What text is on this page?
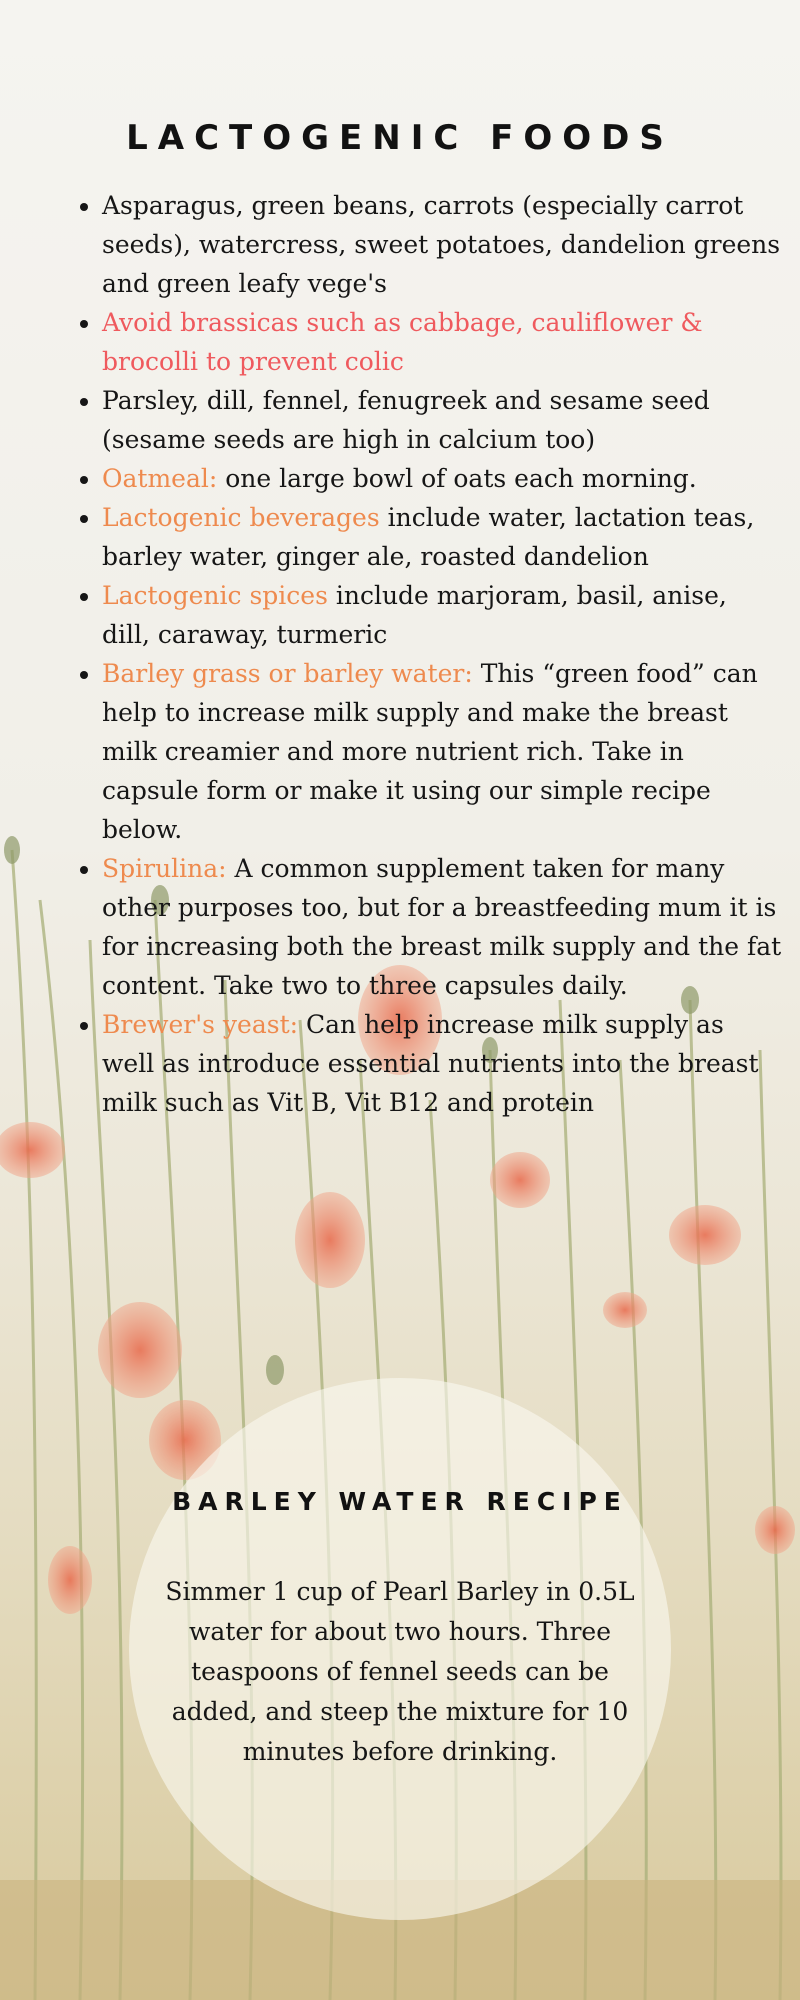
LACTOGENIC FOODS
• Asparagus, green beans, carrots (especially carrot seeds), watercress, sweet potatoes, dandelion greens and green leafy vege's
• Avoid brassicas such as cabbage, cauliflower & brocolli to prevent colic
• Parsley, dill, fennel, fenugreek and sesame seed (sesame seeds are high in calcium too)
• Oatmeal: one large bowl of oats each morning.
• Lactogenic beverages include water, lactation teas, barley water, ginger ale, roasted dandelion
• Lactogenic spices include marjoram, basil, anise, dill, caraway, turmeric
• Barley grass or barley water: This “green food” can help to increase milk supply and make the breast milk creamier and more nutrient rich. Take in capsule form or make it using our simple recipe below.
• Spirulina: A common supplement taken for many other purposes too, but for a breastfeeding mum it is for increasing both the breast milk supply and the fat content. Take two to three capsules daily.
• Brewer's yeast: Can help increase milk supply as well as introduce essential nutrients into the breast milk such as Vit B, Vit B12 and protein
BARLEY WATER RECIPE

Simmer 1 cup of Pearl Barley in 0.5L water for about two hours. Three teaspoons of fennel seeds can be added, and steep the mixture for 10 minutes before drinking.
